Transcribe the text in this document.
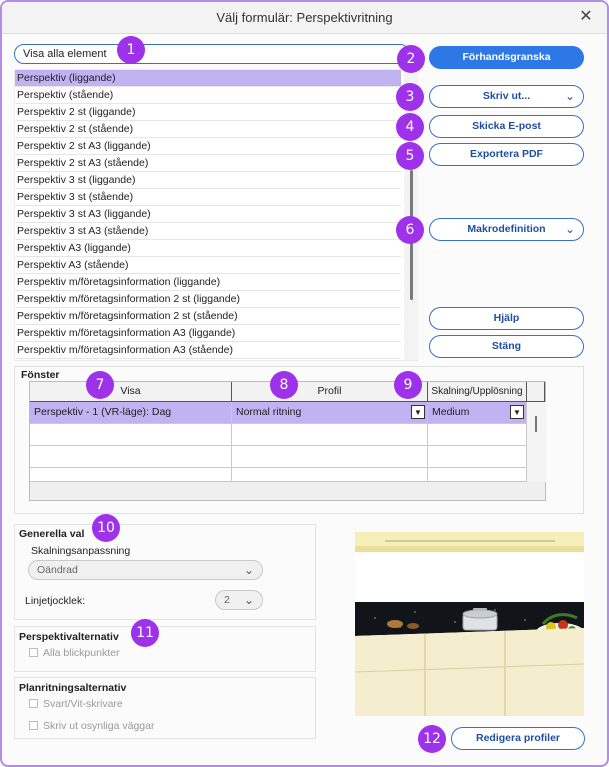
Välj formulär: Perspektivritning	✕
Visa alla element
Perspektiv (liggande)
Perspektiv (stående)
Perspektiv 2 st (liggande)
Perspektiv 2 st (stående)
Perspektiv 2 st A3 (liggande)
Perspektiv 2 st A3 (stående)
Perspektiv 3 st (liggande)
Perspektiv 3 st (stående)
Perspektiv 3 st A3 (liggande)
Perspektiv 3 st A3 (stående)
Perspektiv A3 (liggande)
Perspektiv A3 (stående)
Perspektiv m/företagsinformation (liggande)
Perspektiv m/företagsinformation 2 st (liggande)
Perspektiv m/företagsinformation 2 st (stående)
Perspektiv m/företagsinformation A3 (liggande)
Perspektiv m/företagsinformation A3 (stående)
Förhandsgranska
Skriv ut...	⌄
Skicka E-post
Exportera PDF
Makrodefinition ⌄
Hjälp
Stäng
Fönster
Visa	Profil	Skalning/Upplösning
Perspektiv - 1 (VR-läge): Dag	Normal ritning	▼ Medium	▼
Generella val
Skalningsanpassning
Oändrad	⌄
Linjetjocklek:	2 ⌄
Perspektivalternativ
Alla blickpunkter
Planritningsalternativ
Svart/Vit-skrivare
Skriv ut osynliga väggar
Redigera profiler
1
2
3
4
5
6
7	8	9
10
11
12
